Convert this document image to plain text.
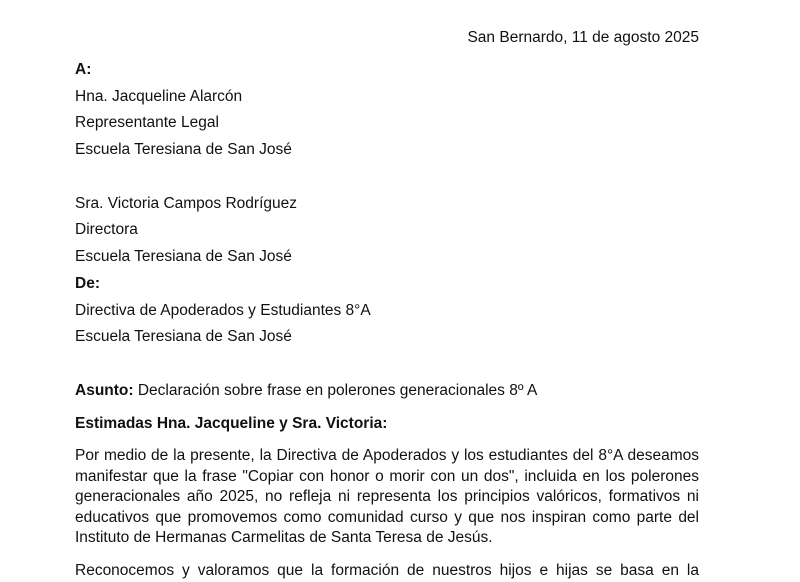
San Bernardo, 11 de agosto 2025
A:
Hna. Jacqueline Alarcón
Representante Legal
Escuela Teresiana de San José
Sra. Victoria Campos Rodríguez
Directora
Escuela Teresiana de San José
De:
Directiva de Apoderados y Estudiantes 8°A
Escuela Teresiana de San José
Asunto: Declaración sobre frase en polerones generacionales 8º A
Estimadas Hna. Jacqueline y Sra. Victoria:
Por medio de la presente, la Directiva de Apoderados y los estudiantes del 8°A deseamos
manifestar que la frase "Copiar con honor o morir con un dos", incluida en los polerones
generacionales año 2025, no refleja ni representa los principios valóricos, formativos ni
educativos que promovemos como comunidad curso y que nos inspiran como parte del
Instituto de Hermanas Carmelitas de Santa Teresa de Jesús.
Reconocemos y valoramos que la formación de nuestros hijos e hijas se basa en la
